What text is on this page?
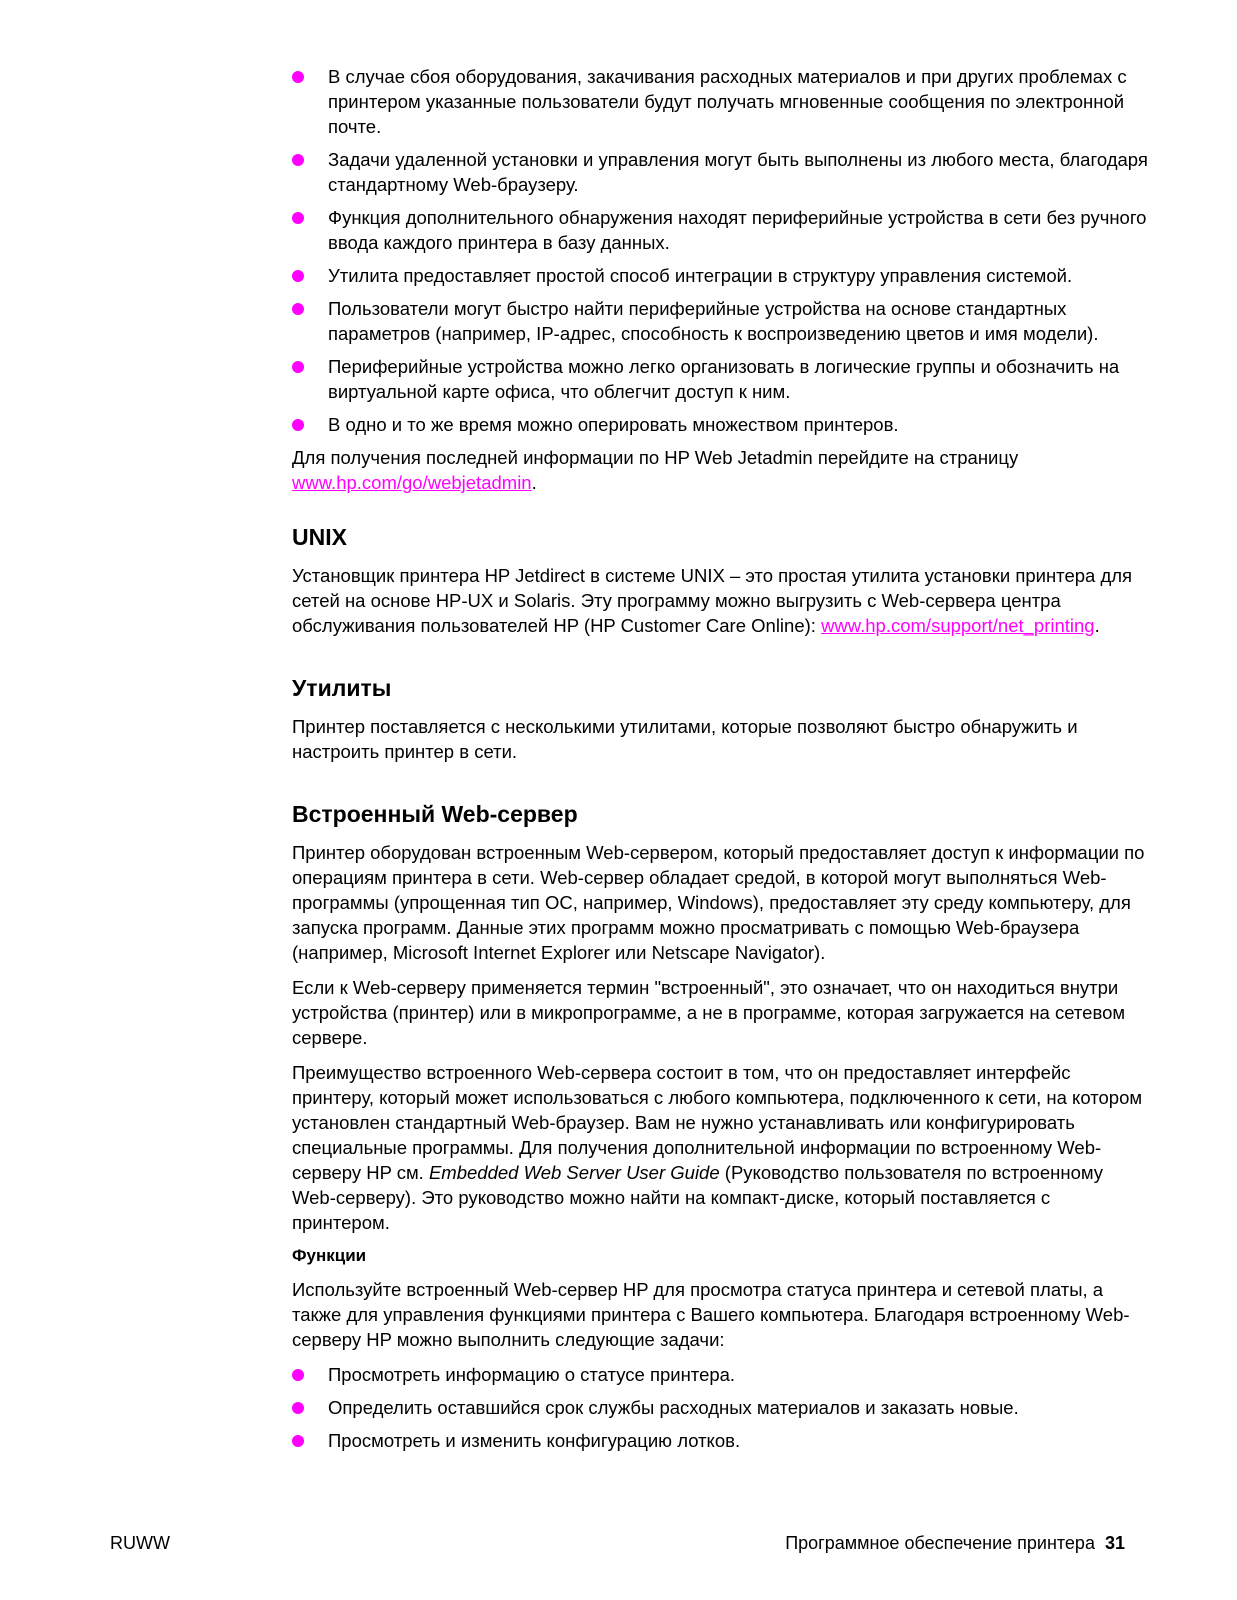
В случае сбоя оборудования, закачивания расходных материалов и при других проблемах с принтером указанные пользователи будут получать мгновенные сообщения по электронной почте.
Задачи удаленной установки и управления могут быть выполнены из любого места, благодаря стандартному Web-браузеру.
Функция дополнительного обнаружения находят периферийные устройства в сети без ручного ввода каждого принтера в базу данных.
Утилита предоставляет простой способ интеграции в структуру управления системой.
Пользователи могут быстро найти периферийные устройства на основе стандартных параметров (например, IP-адрес, способность к воспроизведению цветов и имя модели).
Периферийные устройства можно легко организовать в логические группы и обозначить на виртуальной карте офиса, что облегчит доступ к ним.
В одно и то же время можно оперировать множеством принтеров.

Для получения последней информации по HP Web Jetadmin перейдите на страницу www.hp.com/go/webjetadmin.

UNIX

Установщик принтера HP Jetdirect в системе UNIX – это простая утилита установки принтера для сетей на основе HP-UX и Solaris. Эту программу можно выгрузить с Web-сервера центра обслуживания пользователей HP (HP Customer Care Online): www.hp.com/support/net_printing.

Утилиты

Принтер поставляется с несколькими утилитами, которые позволяют быстро обнаружить и настроить принтер в сети.

Встроенный Web-сервер

Принтер оборудован встроенным Web-сервером, который предоставляет доступ к информации по операциям принтера в сети. Web-сервер обладает средой, в которой могут выполняться Web-программы (упрощенная тип ОС, например, Windows), предоставляет эту среду компьютеру, для запуска программ. Данные этих программ можно просматривать с помощью Web-браузера (например, Microsoft Internet Explorer или Netscape Navigator).

Если к Web-серверу применяется термин "встроенный", это означает, что он находиться внутри устройства (принтер) или в микропрограмме, а не в программе, которая загружается на сетевом сервере.

Преимущество встроенного Web-сервера состоит в том, что он предоставляет интерфейс принтеру, который может использоваться с любого компьютера, подключенного к сети, на котором установлен стандартный Web-браузер. Вам не нужно устанавливать или конфигурировать специальные программы. Для получения дополнительной информации по встроенному Web-серверу HP см. Embedded Web Server User Guide (Руководство пользователя по встроенному Web-серверу). Это руководство можно найти на компакт-диске, который поставляется с принтером.

Функции

Используйте встроенный Web-сервер HP для просмотра статуса принтера и сетевой платы, а также для управления функциями принтера с Вашего компьютера. Благодаря встроенному Web-серверу HP можно выполнить следующие задачи:

Просмотреть информацию о статусе принтера.
Определить оставшийся срок службы расходных материалов и заказать новые.
Просмотреть и изменить конфигурацию лотков.
RUWW	Программное обеспечение принтера 31
